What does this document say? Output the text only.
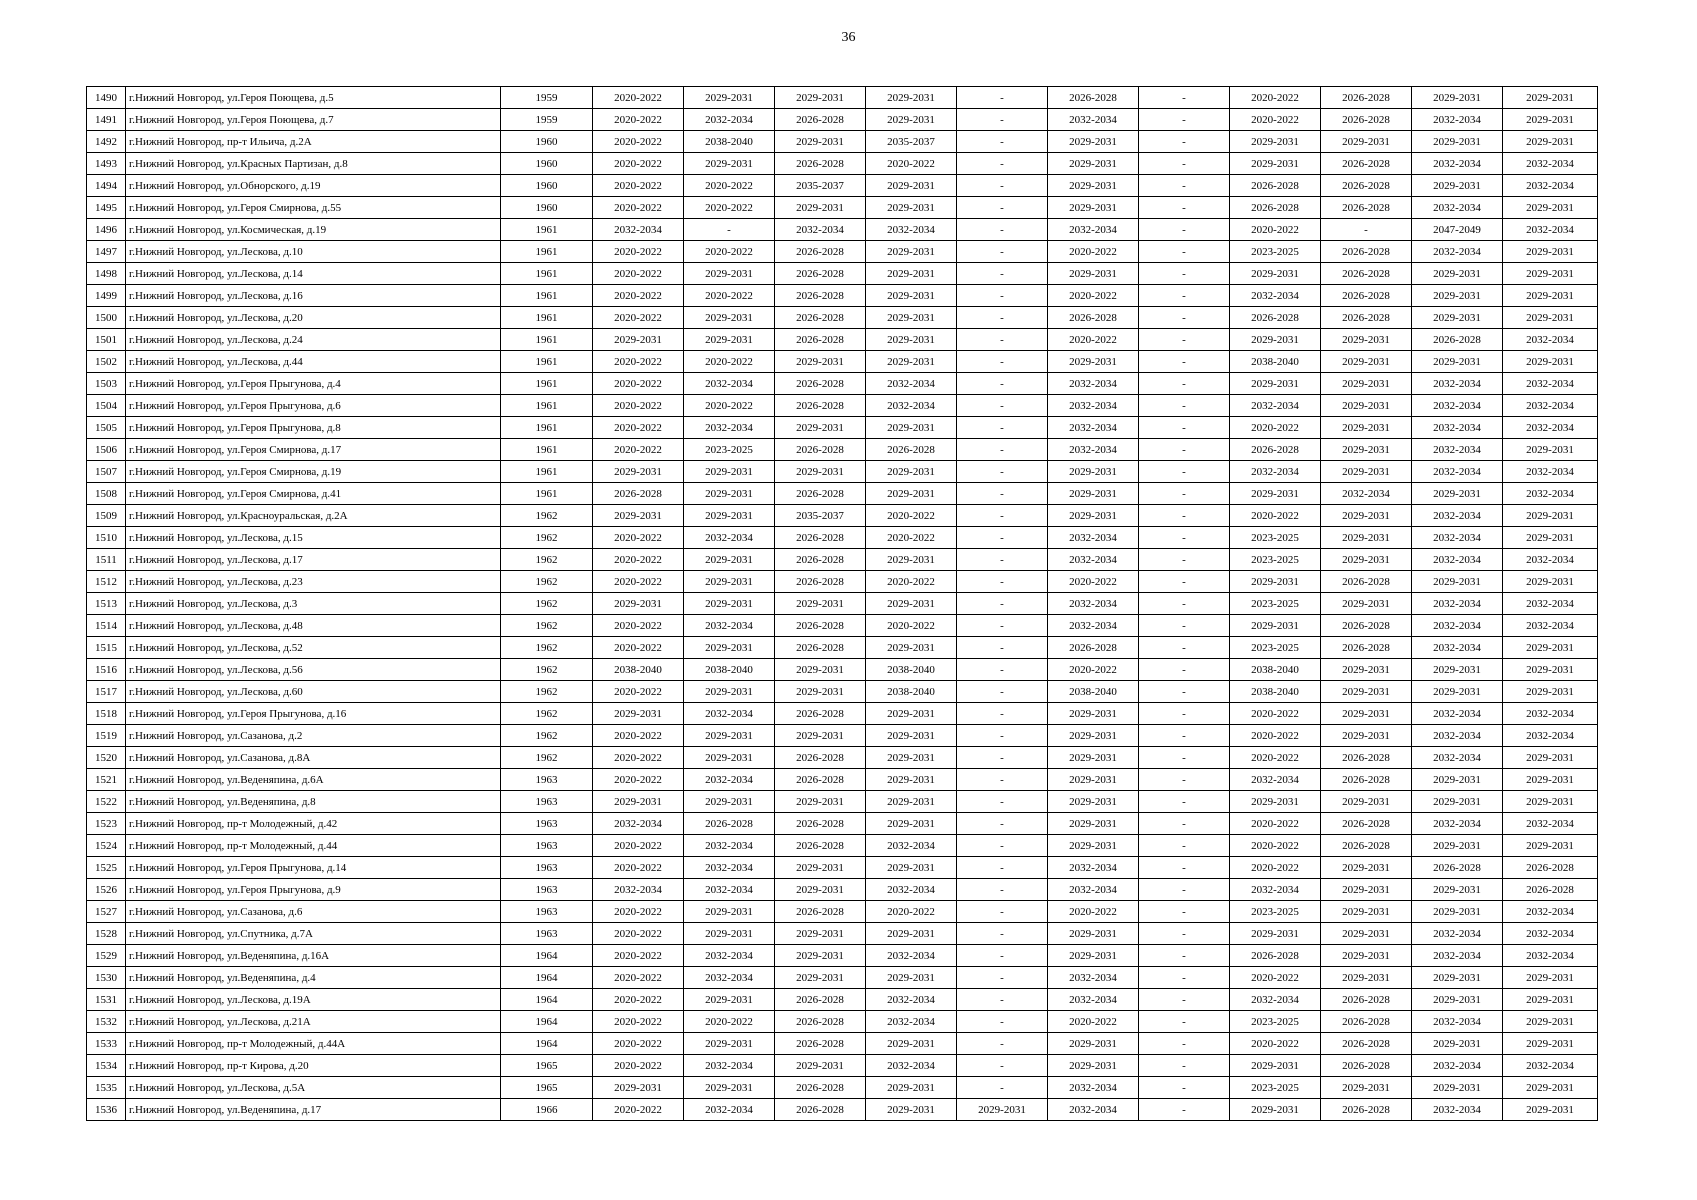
36
1490	г.Нижний Новгород, ул.Героя Поющева, д.5	1959	2020-2022	2029-2031	2029-2031	2029-2031	-	2026-2028	-	2020-2022	2026-2028	2029-2031	2029-2031
1491	г.Нижний Новгород, ул.Героя Поющева, д.7	1959	2020-2022	2032-2034	2026-2028	2029-2031	-	2032-2034	-	2020-2022	2026-2028	2032-2034	2029-2031
1492	г.Нижний Новгород, пр-т Ильича, д.2А	1960	2020-2022	2038-2040	2029-2031	2035-2037	-	2029-2031	-	2029-2031	2029-2031	2029-2031	2029-2031
1493	г.Нижний Новгород, ул.Красных Партизан, д.8	1960	2020-2022	2029-2031	2026-2028	2020-2022	-	2029-2031	-	2029-2031	2026-2028	2032-2034	2032-2034
1494	г.Нижний Новгород, ул.Обнорского, д.19	1960	2020-2022	2020-2022	2035-2037	2029-2031	-	2029-2031	-	2026-2028	2026-2028	2029-2031	2032-2034
1495	г.Нижний Новгород, ул.Героя Смирнова, д.55	1960	2020-2022	2020-2022	2029-2031	2029-2031	-	2029-2031	-	2026-2028	2026-2028	2032-2034	2029-2031
1496	г.Нижний Новгород, ул.Космическая, д.19	1961	2032-2034	-	2032-2034	2032-2034	-	2032-2034	-	2020-2022	-	2047-2049	2032-2034
1497	г.Нижний Новгород, ул.Лескова, д.10	1961	2020-2022	2020-2022	2026-2028	2029-2031	-	2020-2022	-	2023-2025	2026-2028	2032-2034	2029-2031
1498	г.Нижний Новгород, ул.Лескова, д.14	1961	2020-2022	2029-2031	2026-2028	2029-2031	-	2029-2031	-	2029-2031	2026-2028	2029-2031	2029-2031
1499	г.Нижний Новгород, ул.Лескова, д.16	1961	2020-2022	2020-2022	2026-2028	2029-2031	-	2020-2022	-	2032-2034	2026-2028	2029-2031	2029-2031
1500	г.Нижний Новгород, ул.Лескова, д.20	1961	2020-2022	2029-2031	2026-2028	2029-2031	-	2026-2028	-	2026-2028	2026-2028	2029-2031	2029-2031
1501	г.Нижний Новгород, ул.Лескова, д.24	1961	2029-2031	2029-2031	2026-2028	2029-2031	-	2020-2022	-	2029-2031	2029-2031	2026-2028	2032-2034
1502	г.Нижний Новгород, ул.Лескова, д.44	1961	2020-2022	2020-2022	2029-2031	2029-2031	-	2029-2031	-	2038-2040	2029-2031	2029-2031	2029-2031
1503	г.Нижний Новгород, ул.Героя Прыгунова, д.4	1961	2020-2022	2032-2034	2026-2028	2032-2034	-	2032-2034	-	2029-2031	2029-2031	2032-2034	2032-2034
1504	г.Нижний Новгород, ул.Героя Прыгунова, д.6	1961	2020-2022	2020-2022	2026-2028	2032-2034	-	2032-2034	-	2032-2034	2029-2031	2032-2034	2032-2034
1505	г.Нижний Новгород, ул.Героя Прыгунова, д.8	1961	2020-2022	2032-2034	2029-2031	2029-2031	-	2032-2034	-	2020-2022	2029-2031	2032-2034	2032-2034
1506	г.Нижний Новгород, ул.Героя Смирнова, д.17	1961	2020-2022	2023-2025	2026-2028	2026-2028	-	2032-2034	-	2026-2028	2029-2031	2032-2034	2029-2031
1507	г.Нижний Новгород, ул.Героя Смирнова, д.19	1961	2029-2031	2029-2031	2029-2031	2029-2031	-	2029-2031	-	2032-2034	2029-2031	2032-2034	2032-2034
1508	г.Нижний Новгород, ул.Героя Смирнова, д.41	1961	2026-2028	2029-2031	2026-2028	2029-2031	-	2029-2031	-	2029-2031	2032-2034	2029-2031	2032-2034
1509	г.Нижний Новгород, ул.Красноуральская, д.2А	1962	2029-2031	2029-2031	2035-2037	2020-2022	-	2029-2031	-	2020-2022	2029-2031	2032-2034	2029-2031
1510	г.Нижний Новгород, ул.Лескова, д.15	1962	2020-2022	2032-2034	2026-2028	2020-2022	-	2032-2034	-	2023-2025	2029-2031	2032-2034	2029-2031
1511	г.Нижний Новгород, ул.Лескова, д.17	1962	2020-2022	2029-2031	2026-2028	2029-2031	-	2032-2034	-	2023-2025	2029-2031	2032-2034	2032-2034
1512	г.Нижний Новгород, ул.Лескова, д.23	1962	2020-2022	2029-2031	2026-2028	2020-2022	-	2020-2022	-	2029-2031	2026-2028	2029-2031	2029-2031
1513	г.Нижний Новгород, ул.Лескова, д.3	1962	2029-2031	2029-2031	2029-2031	2029-2031	-	2032-2034	-	2023-2025	2029-2031	2032-2034	2032-2034
1514	г.Нижний Новгород, ул.Лескова, д.48	1962	2020-2022	2032-2034	2026-2028	2020-2022	-	2032-2034	-	2029-2031	2026-2028	2032-2034	2032-2034
1515	г.Нижний Новгород, ул.Лескова, д.52	1962	2020-2022	2029-2031	2026-2028	2029-2031	-	2026-2028	-	2023-2025	2026-2028	2032-2034	2029-2031
1516	г.Нижний Новгород, ул.Лескова, д.56	1962	2038-2040	2038-2040	2029-2031	2038-2040	-	2020-2022	-	2038-2040	2029-2031	2029-2031	2029-2031
1517	г.Нижний Новгород, ул.Лескова, д.60	1962	2020-2022	2029-2031	2029-2031	2038-2040	-	2038-2040	-	2038-2040	2029-2031	2029-2031	2029-2031
1518	г.Нижний Новгород, ул.Героя Прыгунова, д.16	1962	2029-2031	2032-2034	2026-2028	2029-2031	-	2029-2031	-	2020-2022	2029-2031	2032-2034	2032-2034
1519	г.Нижний Новгород, ул.Сазанова, д.2	1962	2020-2022	2029-2031	2029-2031	2029-2031	-	2029-2031	-	2020-2022	2029-2031	2032-2034	2032-2034
1520	г.Нижний Новгород, ул.Сазанова, д.8А	1962	2020-2022	2029-2031	2026-2028	2029-2031	-	2029-2031	-	2020-2022	2026-2028	2032-2034	2029-2031
1521	г.Нижний Новгород, ул.Веденяпина, д.6А	1963	2020-2022	2032-2034	2026-2028	2029-2031	-	2029-2031	-	2032-2034	2026-2028	2029-2031	2029-2031
1522	г.Нижний Новгород, ул.Веденяпина, д.8	1963	2029-2031	2029-2031	2029-2031	2029-2031	-	2029-2031	-	2029-2031	2029-2031	2029-2031	2029-2031
1523	г.Нижний Новгород, пр-т Молодежный, д.42	1963	2032-2034	2026-2028	2026-2028	2029-2031	-	2029-2031	-	2020-2022	2026-2028	2032-2034	2032-2034
1524	г.Нижний Новгород, пр-т Молодежный, д.44	1963	2020-2022	2032-2034	2026-2028	2032-2034	-	2029-2031	-	2020-2022	2026-2028	2029-2031	2029-2031
1525	г.Нижний Новгород, ул.Героя Прыгунова, д.14	1963	2020-2022	2032-2034	2029-2031	2029-2031	-	2032-2034	-	2020-2022	2029-2031	2026-2028	2026-2028
1526	г.Нижний Новгород, ул.Героя Прыгунова, д.9	1963	2032-2034	2032-2034	2029-2031	2032-2034	-	2032-2034	-	2032-2034	2029-2031	2029-2031	2026-2028
1527	г.Нижний Новгород, ул.Сазанова, д.6	1963	2020-2022	2029-2031	2026-2028	2020-2022	-	2020-2022	-	2023-2025	2029-2031	2029-2031	2032-2034
1528	г.Нижний Новгород, ул.Спутника, д.7А	1963	2020-2022	2029-2031	2029-2031	2029-2031	-	2029-2031	-	2029-2031	2029-2031	2032-2034	2032-2034
1529	г.Нижний Новгород, ул.Веденяпина, д.16А	1964	2020-2022	2032-2034	2029-2031	2032-2034	-	2029-2031	-	2026-2028	2029-2031	2032-2034	2032-2034
1530	г.Нижний Новгород, ул.Веденяпина, д.4	1964	2020-2022	2032-2034	2029-2031	2029-2031	-	2032-2034	-	2020-2022	2029-2031	2029-2031	2029-2031
1531	г.Нижний Новгород, ул.Лескова, д.19А	1964	2020-2022	2029-2031	2026-2028	2032-2034	-	2032-2034	-	2032-2034	2026-2028	2029-2031	2029-2031
1532	г.Нижний Новгород, ул.Лескова, д.21А	1964	2020-2022	2020-2022	2026-2028	2032-2034	-	2020-2022	-	2023-2025	2026-2028	2032-2034	2029-2031
1533	г.Нижний Новгород, пр-т Молодежный, д.44А	1964	2020-2022	2029-2031	2026-2028	2029-2031	-	2029-2031	-	2020-2022	2026-2028	2029-2031	2029-2031
1534	г.Нижний Новгород, пр-т Кирова, д.20	1965	2020-2022	2032-2034	2029-2031	2032-2034	-	2029-2031	-	2029-2031	2026-2028	2032-2034	2032-2034
1535	г.Нижний Новгород, ул.Лескова, д.5А	1965	2029-2031	2029-2031	2026-2028	2029-2031	-	2032-2034	-	2023-2025	2029-2031	2029-2031	2029-2031
1536	г.Нижний Новгород, ул.Веденяпина, д.17	1966	2020-2022	2032-2034	2026-2028	2029-2031	2029-2031	2032-2034	-	2029-2031	2026-2028	2032-2034	2029-2031
